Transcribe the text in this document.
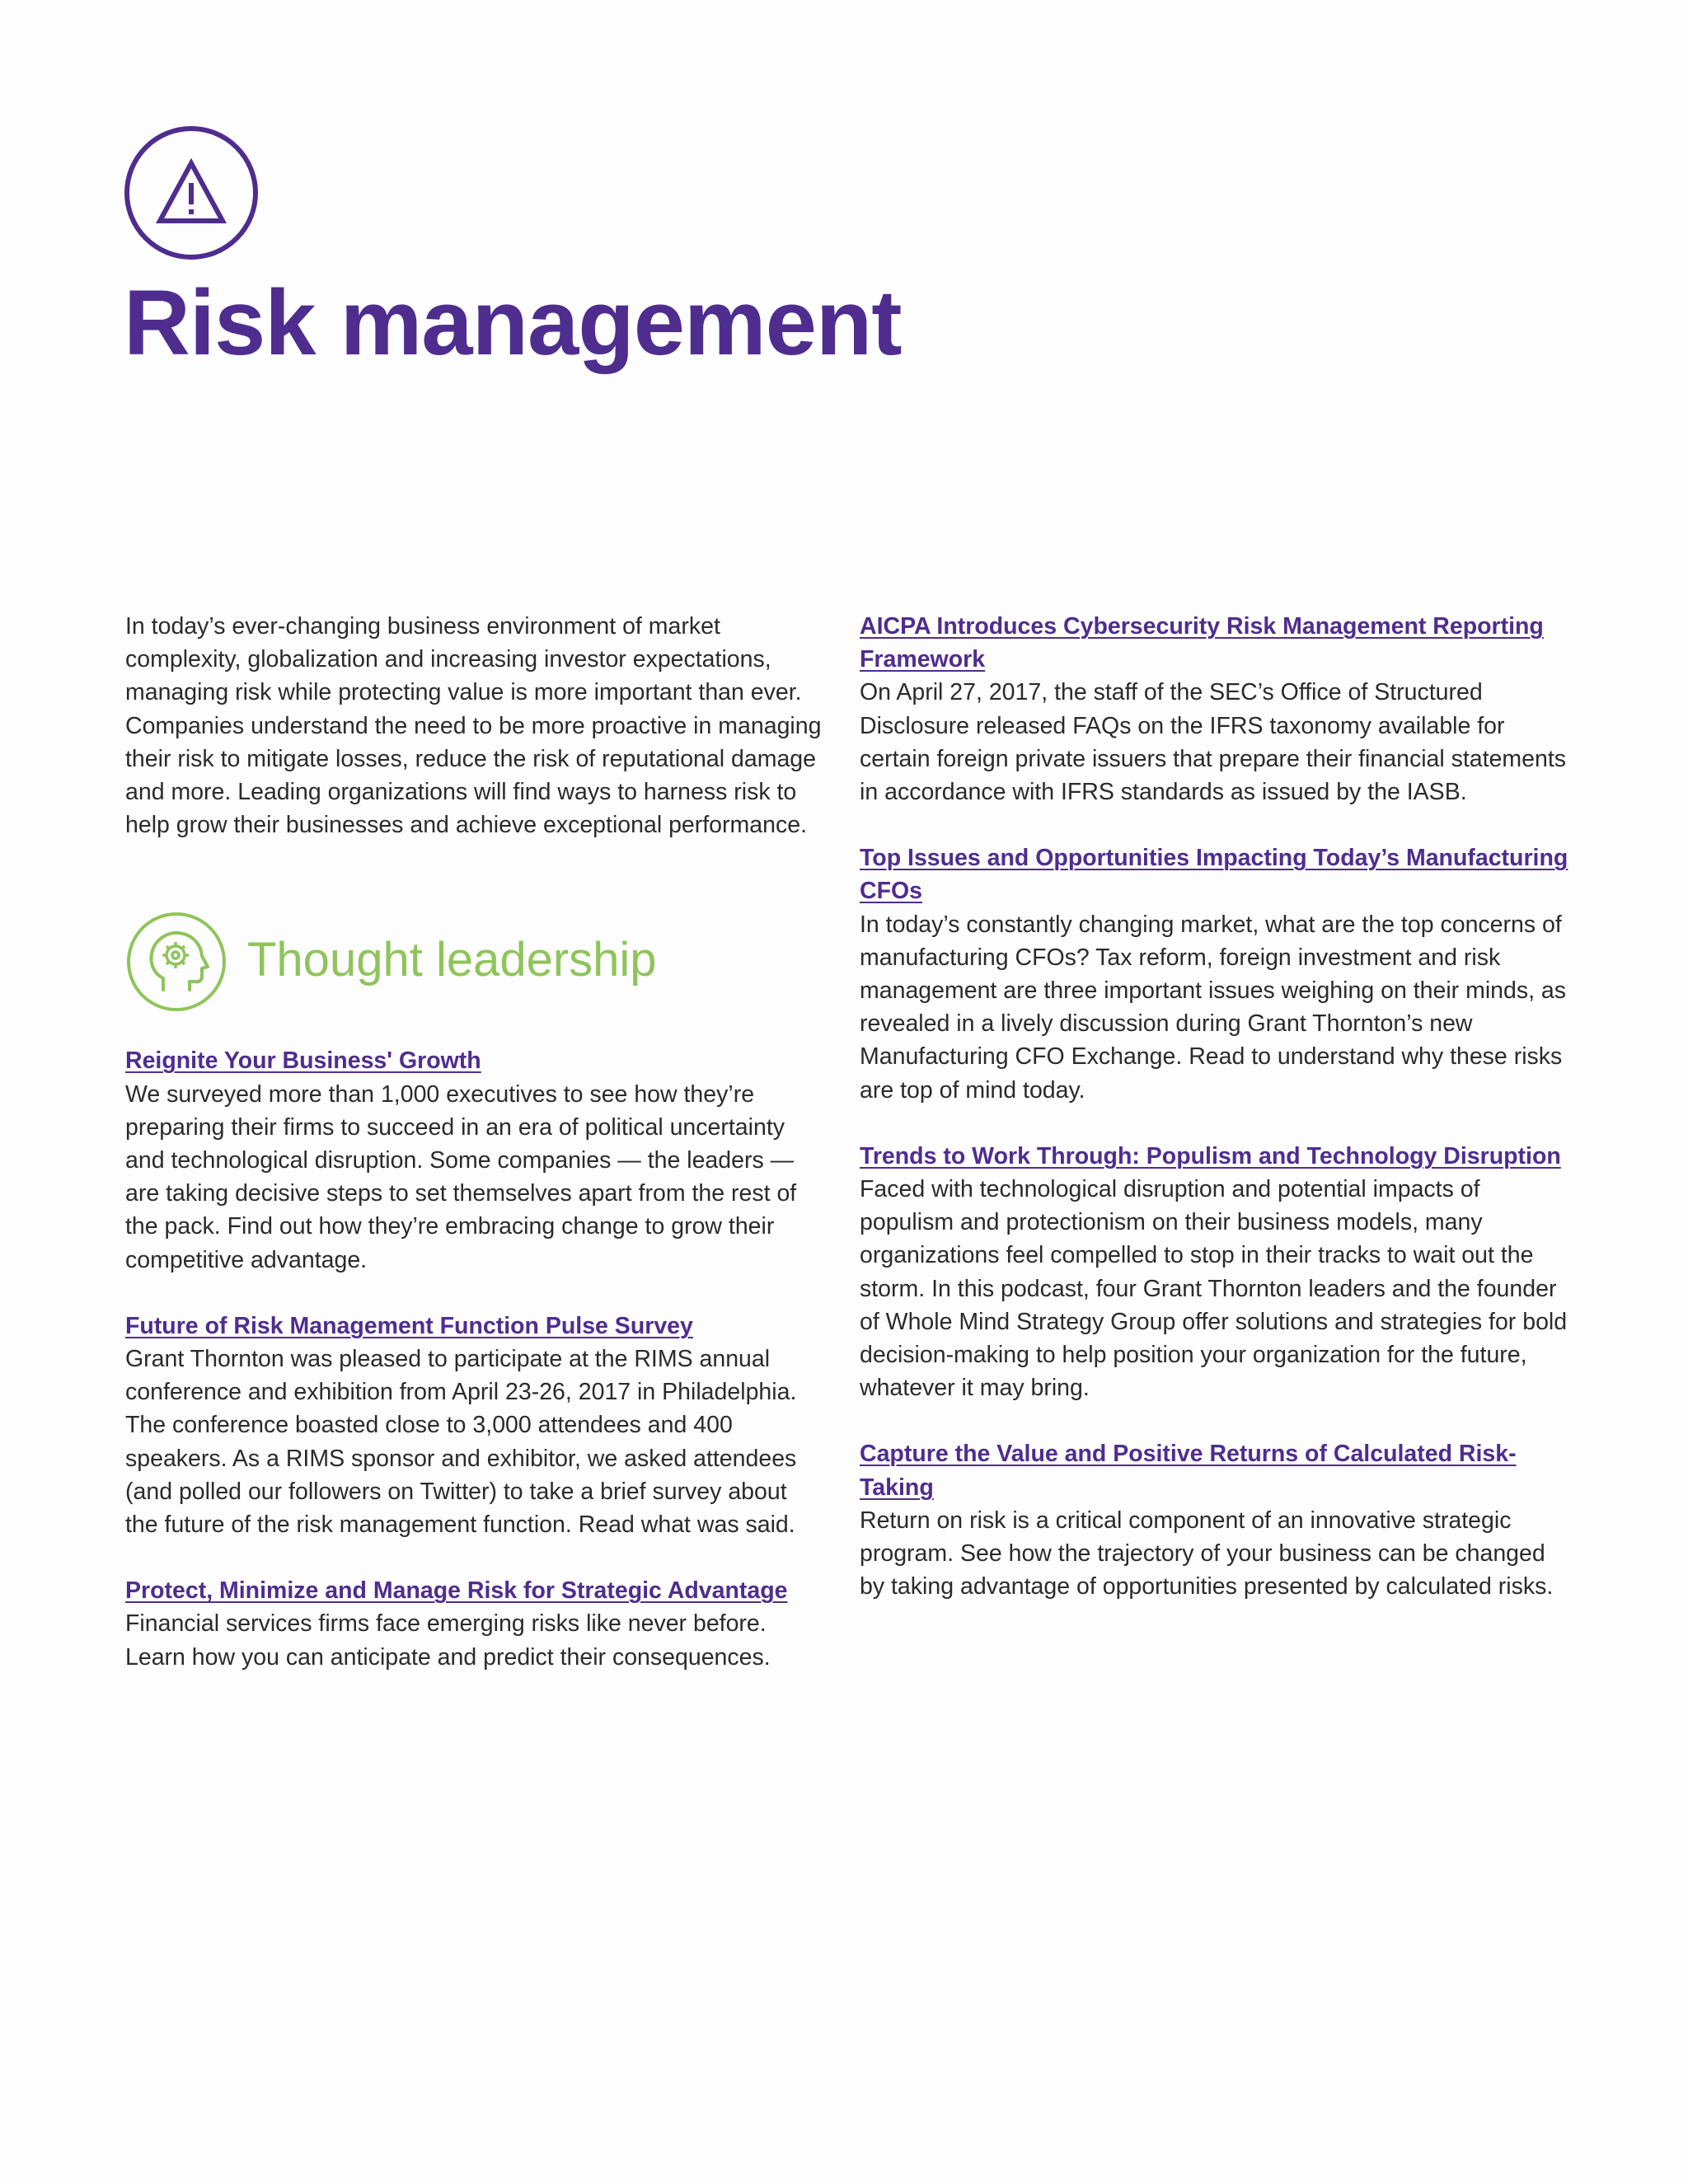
Risk management

In today’s ever-changing business environment of market complexity, globalization and increasing investor expectations, managing risk while protecting value is more important than ever. Companies understand the need to be more proactive in managing their risk to mitigate losses, reduce the risk of reputational damage and more. Leading organizations will find ways to harness risk to help grow their businesses and achieve exceptional performance.

Thought leadership
Reignite Your Business' Growth

We surveyed more than 1,000 executives to see how they’re preparing their firms to succeed in an era of political uncertainty and technological disruption. Some companies — the leaders — are taking decisive steps to set themselves apart from the rest of the pack. Find out how they’re embracing change to grow their competitive advantage.

Future of Risk Management Function Pulse Survey

Grant Thornton was pleased to participate at the RIMS annual conference and exhibition from April 23-26, 2017 in Philadelphia. The conference boasted close to 3,000 attendees and 400 speakers. As a RIMS sponsor and exhibitor, we asked attendees (and polled our followers on Twitter) to take a brief survey about the future of the risk management function. Read what was said.

Protect, Minimize and Manage Risk for Strategic Advantage

Financial services firms face emerging risks like never before. Learn how you can anticipate and predict their consequences.

AICPA Introduces Cybersecurity Risk Management Reporting Framework

On April 27, 2017, the staff of the SEC’s Office of Structured Disclosure released FAQs on the IFRS taxonomy available for certain foreign private issuers that prepare their financial statements in accordance with IFRS standards as issued by the IASB.

Top Issues and Opportunities Impacting Today’s Manufacturing CFOs

In today’s constantly changing market, what are the top concerns of manufacturing CFOs? Tax reform, foreign investment and risk management are three important issues weighing on their minds, as revealed in a lively discussion during Grant Thornton’s new Manufacturing CFO Exchange. Read to understand why these risks are top of mind today.

Trends to Work Through: Populism and Technology Disruption

Faced with technological disruption and potential impacts of populism and protectionism on their business models, many organizations feel compelled to stop in their tracks to wait out the storm. In this podcast, four Grant Thornton leaders and the founder of Whole Mind Strategy Group offer solutions and strategies for bold decision-making to help position your organization for the future, whatever it may bring.

Capture the Value and Positive Returns of Calculated Risk-Taking

Return on risk is a critical component of an innovative strategic program. See how the trajectory of your business can be changed by taking advantage of opportunities presented by calculated risks.
